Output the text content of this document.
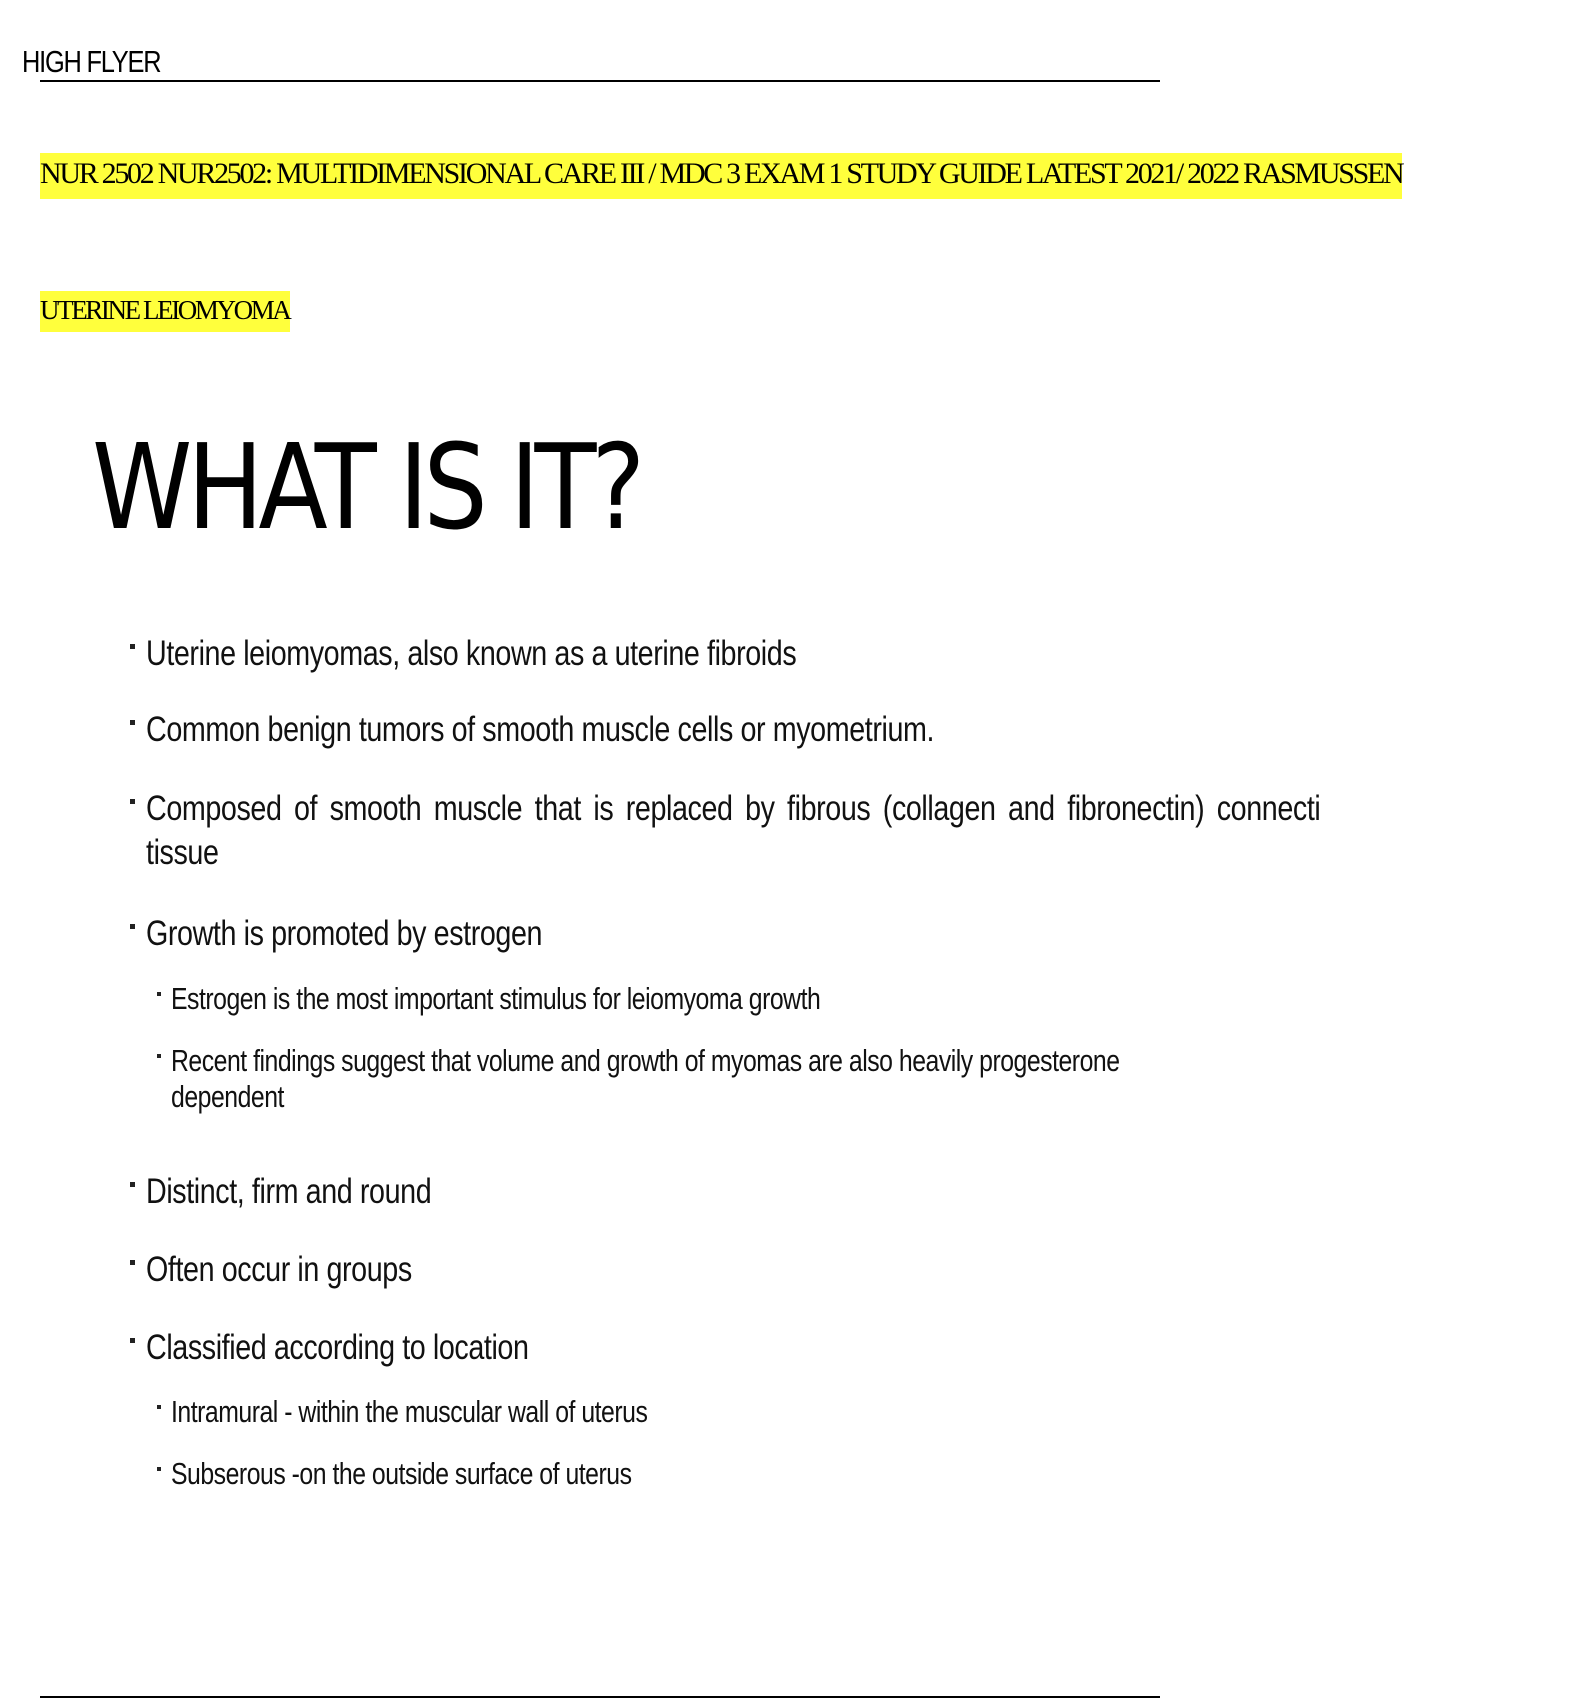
HIGH FLYER
NUR 2502 NUR2502: MULTIDIMENSIONAL CARE III / MDC 3 EXAM 1 STUDY GUIDE LATEST 2021/ 2022 RASMUSSEN
UTERINE LEIOMYOMA
WHAT IS IT?
Uterine leiomyomas, also known as a uterine fibroids
Common benign tumors of smooth muscle cells or myometrium.
Composed of smooth muscle that is replaced by fibrous (collagen and fibronectin) connecti
tissue
Growth is promoted by estrogen
Estrogen is the most important stimulus for leiomyoma growth
Recent findings suggest that volume and growth of myomas are also heavily progesterone
dependent
Distinct, firm and round
Often occur in groups
Classified according to location
Intramural - within the muscular wall of uterus
Subserous -on the outside surface of uterus
